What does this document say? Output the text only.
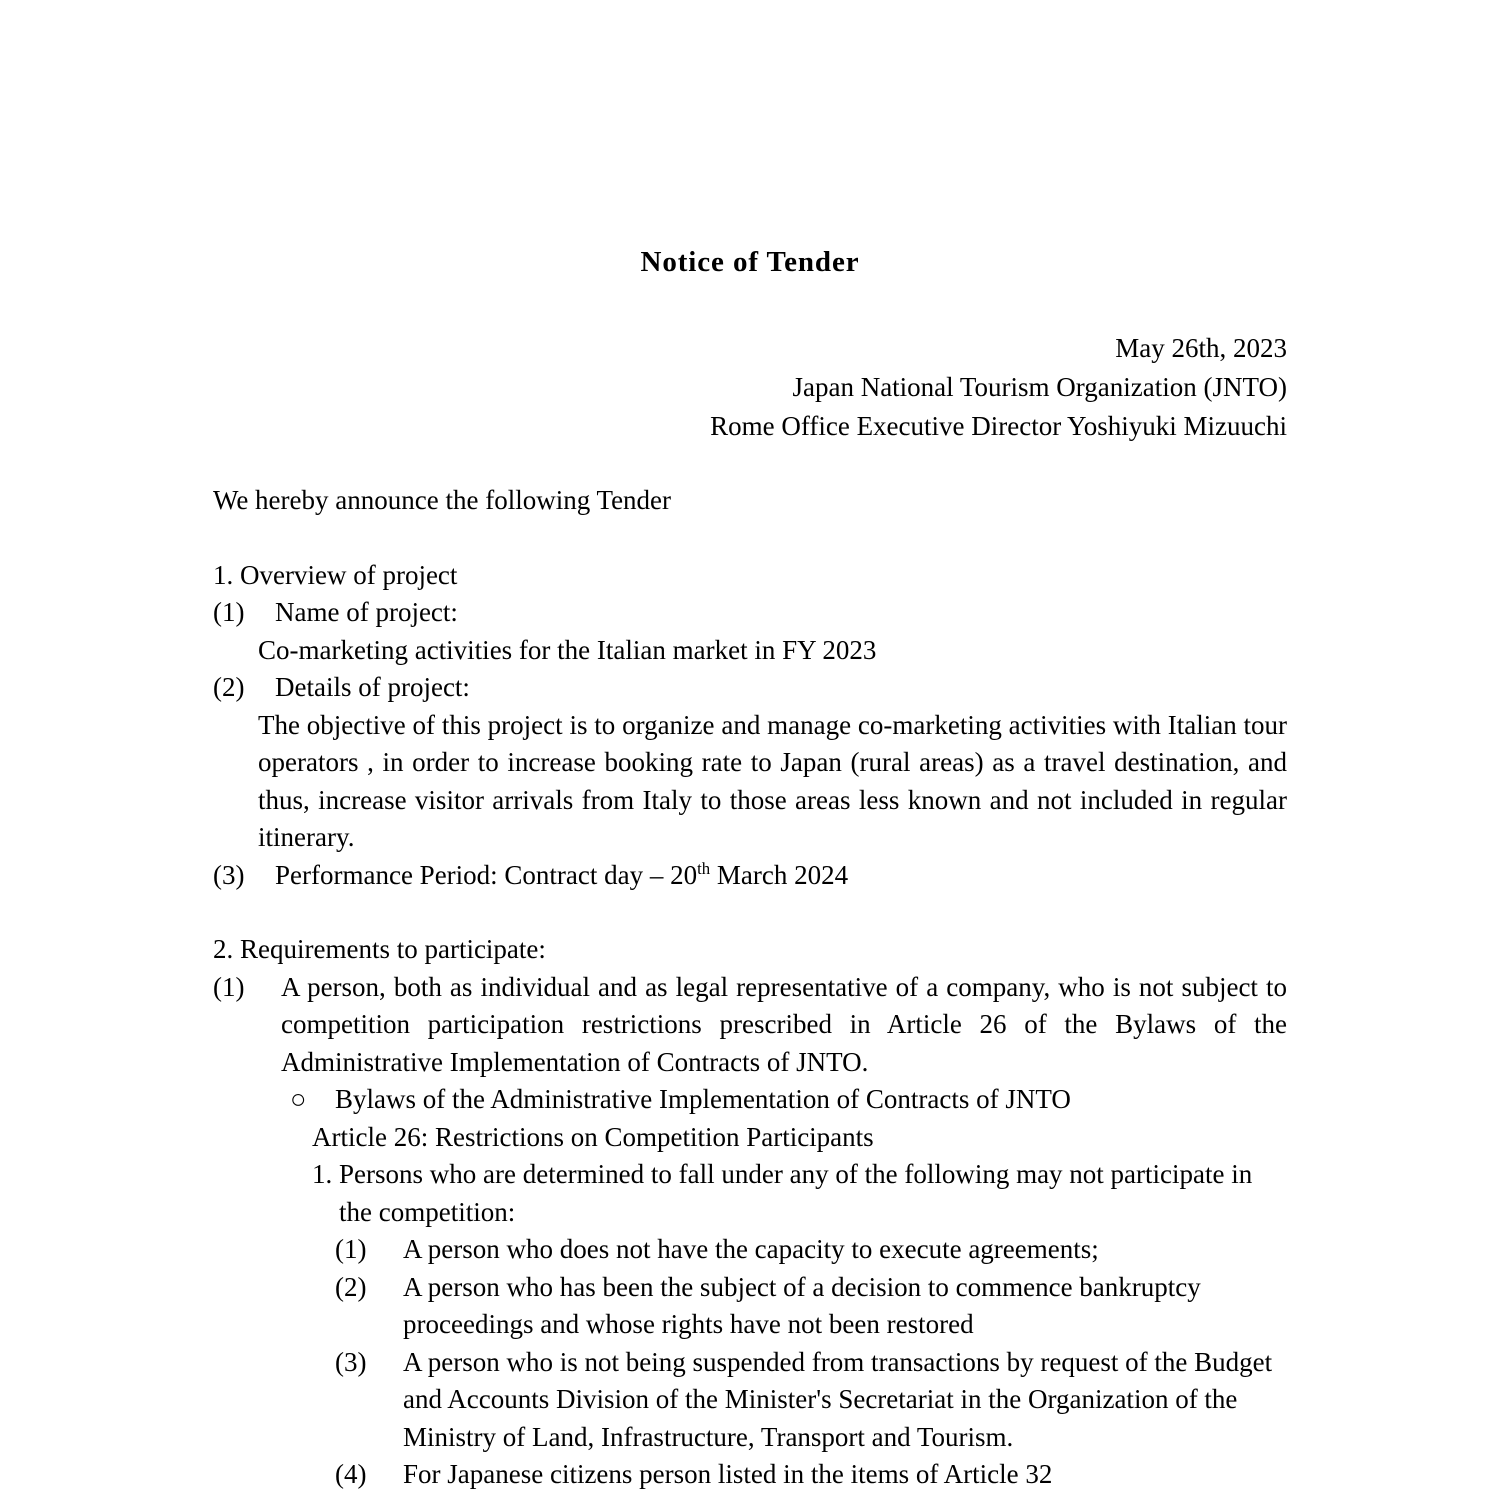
Notice of Tender
May 26th, 2023
Japan National Tourism Organization (JNTO)
Rome Office Executive Director Yoshiyuki Mizuuchi

We hereby announce the following Tender

1. Overview of project

(1)	Name of project:

Co-marketing activities for the Italian market in FY 2023

(2)	Details of project:

The objective of this project is to organize and manage co-marketing activities with Italian tour operators , in order to increase booking rate to Japan (rural areas) as a travel destination, and thus, increase visitor arrivals from Italy to those areas less known and not included in regular itinerary.

(3)	Performance Period: Contract day – 20th March 2024

2. Requirements to participate:

(1)	A person, both as individual and as legal representative of a company, who is not subject to competition participation restrictions prescribed in Article 26 of the Bylaws of the Administrative Implementation of Contracts of JNTO.
○	Bylaws of the Administrative Implementation of Contracts of JNTO

Article 26: Restrictions on Competition Participants

1. Persons who are determined to fall under any of the following may not participate in the competition:
(1)	A person who does not have the capacity to execute agreements;
(2)	A person who has been the subject of a decision to commence bankruptcy proceedings and whose rights have not been restored
(3)	A person who is not being suspended from transactions by request of the Budget and Accounts Division of the Minister's Secretariat in the Organization of the Ministry of Land, Infrastructure, Transport and Tourism.
(4)	For Japanese citizens person listed in the items of Article 32
